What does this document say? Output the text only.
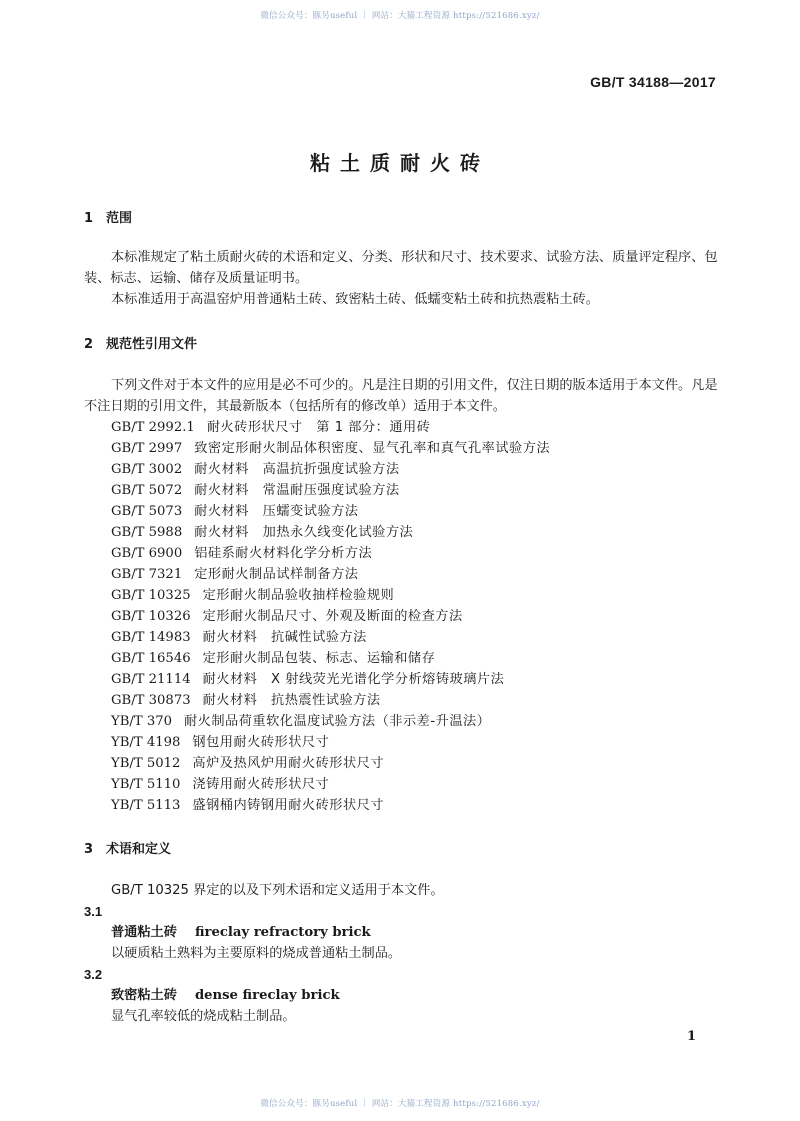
微信公众号：豚另useful ｜ 网站：大猫工程资源 https://521686.xyz/
GB/T 34188—2017
粘土质耐火砖
1 范围
本标准规定了粘土质耐火砖的术语和定义、分类、形状和尺寸、技术要求、试验方法、质量评定程序、包装、标志、运输、储存及质量证明书。
本标准适用于高温窑炉用普通粘土砖、致密粘土砖、低蠕变粘土砖和抗热震粘土砖。
2 规范性引用文件
下列文件对于本文件的应用是必不可少的。凡是注日期的引用文件，仅注日期的版本适用于本文件。凡是不注日期的引用文件，其最新版本（包括所有的修改单）适用于本文件。
GB/T 2992.1 耐火砖形状尺寸　第 1 部分：通用砖
GB/T 2997 致密定形耐火制品体积密度、显气孔率和真气孔率试验方法
GB/T 3002 耐火材料　高温抗折强度试验方法
GB/T 5072 耐火材料　常温耐压强度试验方法
GB/T 5073 耐火材料　压蠕变试验方法
GB/T 5988 耐火材料　加热永久线变化试验方法
GB/T 6900 铝硅系耐火材料化学分析方法
GB/T 7321 定形耐火制品试样制备方法
GB/T 10325 定形耐火制品验收抽样检验规则
GB/T 10326 定形耐火制品尺寸、外观及断面的检查方法
GB/T 14983 耐火材料　抗碱性试验方法
GB/T 16546 定形耐火制品包装、标志、运输和储存
GB/T 21114 耐火材料　X 射线荧光光谱化学分析熔铸玻璃片法
GB/T 30873 耐火材料　抗热震性试验方法
YB/T 370 耐火制品荷重软化温度试验方法（非示差-升温法）
YB/T 4198 钢包用耐火砖形状尺寸
YB/T 5012 高炉及热风炉用耐火砖形状尺寸
YB/T 5110 浇铸用耐火砖形状尺寸
YB/T 5113 盛钢桶内铸钢用耐火砖形状尺寸
3 术语和定义
GB/T 10325 界定的以及下列术语和定义适用于本文件。
3.1
普通粘土砖 fireclay refractory brick
以硬质粘土熟料为主要原料的烧成普通粘土制品。
3.2
致密粘土砖 dense fireclay brick
显气孔率较低的烧成粘土制品。
1
微信公众号：豚另useful ｜ 网站：大猫工程资源 https://521686.xyz/
